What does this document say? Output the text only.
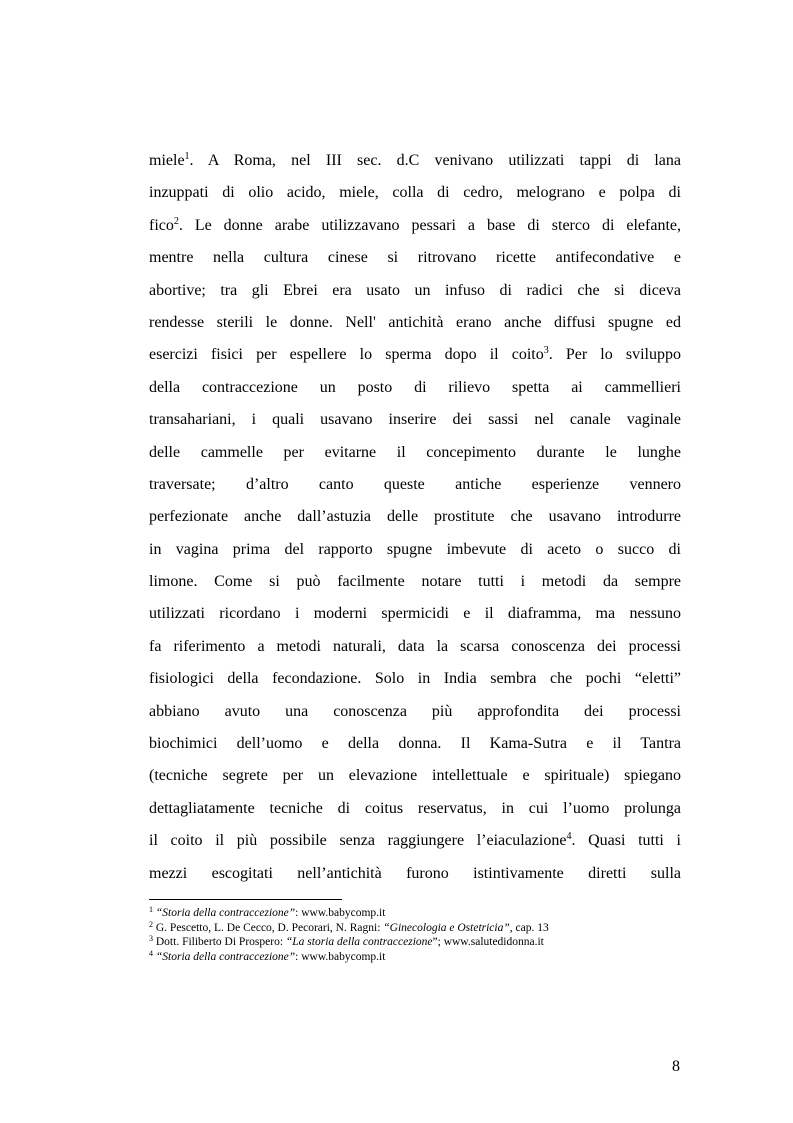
miele$^1$. A Roma, nel III sec. d.C venivano utilizzati tappi di lana
inzuppati di olio acido, miele, colla di cedro, melograno e polpa di
fico$^2$. Le donne arabe utilizzavano pessari a base di sterco di elefante,
mentre nella cultura cinese si ritrovano ricette antifecondative e
abortive; tra gli Ebrei era usato un infuso di radici che si diceva
rendesse sterili le donne. Nell' antichità erano anche diffusi spugne ed
esercizi fisici per espellere lo sperma dopo il coito$^3$. Per lo sviluppo
della contraccezione un posto di rilievo spetta ai cammellieri
transahariani, i quali usavano inserire dei sassi nel canale vaginale
delle cammelle per evitarne il concepimento durante le lunghe
traversate; d’altro canto queste antiche esperienze vennero
perfezionate anche dall’astuzia delle prostitute che usavano introdurre
in vagina prima del rapporto spugne imbevute di aceto o succo di
limone. Come si può facilmente notare tutti i metodi da sempre
utilizzati ricordano i moderni spermicidi e il diaframma, ma nessuno
fa riferimento a metodi naturali, data la scarsa conoscenza dei processi
fisiologici della fecondazione. Solo in India sembra che pochi “eletti”
abbiano avuto una conoscenza più approfondita dei processi
biochimici dell’uomo e della donna. Il Kama-Sutra e il Tantra
(tecniche segrete per un elevazione intellettuale e spirituale) spiegano
dettagliatamente tecniche di coitus reservatus, in cui l’uomo prolunga
il coito il più possibile senza raggiungere l’eiaculazione$^4$. Quasi tutti i
mezzi escogitati nell’antichità furono istintivamente diretti sulla
$^1$ “Storia della contraccezione”: www.babycomp.it
$^2$ G. Pescetto, L. De Cecco, D. Pecorari, N. Ragni: “Ginecologia e Ostetricia”, cap. 13
$^3$ Dott. Filiberto Di Prospero: “La storia della contraccezione”; www.salutedidonna.it
$^4$ “Storia della contraccezione”: www.babycomp.it
8
